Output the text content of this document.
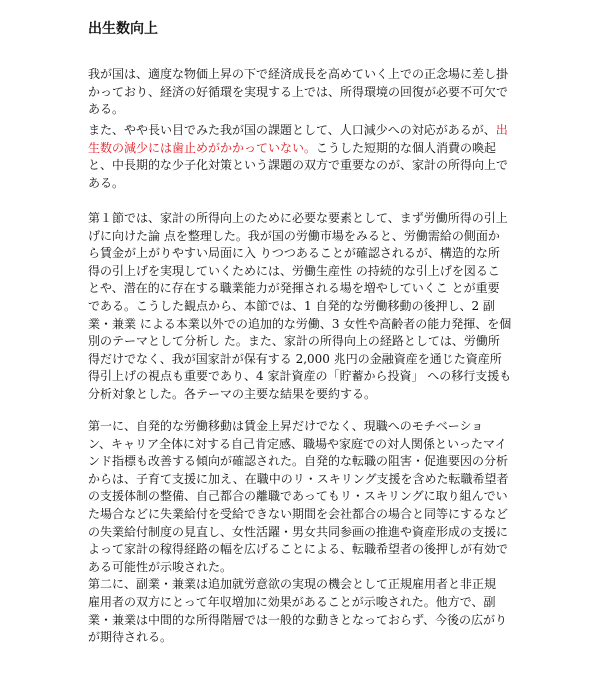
出生数向上
我が国は、適度な物価上昇の下で経済成長を高めていく上での正念場に差し掛
かっており、経済の好循環を実現する上では、所得環境の回復が必要不可欠で
ある。
また、やや長い目でみた我が国の課題として、人口減少への対応があるが、出
生数の減少には歯止めがかかっていない。こうした短期的な個人消費の喚起
と、中長期的な少子化対策という課題の双方で重要なのが、家計の所得向上で
ある。
第１節では、家計の所得向上のために必要な要素として、まず労働所得の引上
げに向けた論 点を整理した。我が国の労働市場をみると、労働需給の側面か
ら賃金が上がりやすい局面に入 りつつあることが確認されるが、構造的な所
得の引上げを実現していくためには、労働生産性 の持続的な引上げを図るこ
とや、潜在的に存在する職業能力が発揮される場を増やしていくこ とが重要
である。こうした観点から、本節では、1 自発的な労働移動の後押し、2 副
業・兼業 による本業以外での追加的な労働、3 女性や高齢者の能力発揮、を個
別のテーマとして分析し た。また、家計の所得向上の経路としては、労働所
得だけでなく、我が国家計が保有する 2,000 兆円の金融資産を通じた資産所
得引上げの視点も重要であり、4 家計資産の「貯蓄から投資」 への移行支援も
分析対象とした。各テーマの主要な結果を要約する。
第一に、自発的な労働移動は賃金上昇だけでなく、現職へのモチベーショ
ン、キャリア全体に対する自己肯定感、職場や家庭での対人関係といったマイ
ンド指標も改善する傾向が確認された。自発的な転職の阻害・促進要因の分析
からは、子育て支援に加え、在職中のリ・スキリング支援を含めた転職希望者
の支援体制の整備、自己都合の離職であってもリ・スキリングに取り組んでい
た場合などに失業給付を受給できない期間を会社都合の場合と同等にするなど
の失業給付制度の見直し、女性活躍・男女共同参画の推進や資産形成の支援に
よって家計の稼得経路の幅を広げることによる、転職希望者の後押しが有効で
ある可能性が示唆された。
第二に、副業・兼業は追加就労意欲の実現の機会として正規雇用者と非正規
雇用者の双方にとって年収増加に効果があることが示唆された。他方で、副
業・兼業は中間的な所得階層では一般的な動きとなっておらず、今後の広がり
が期待される。
